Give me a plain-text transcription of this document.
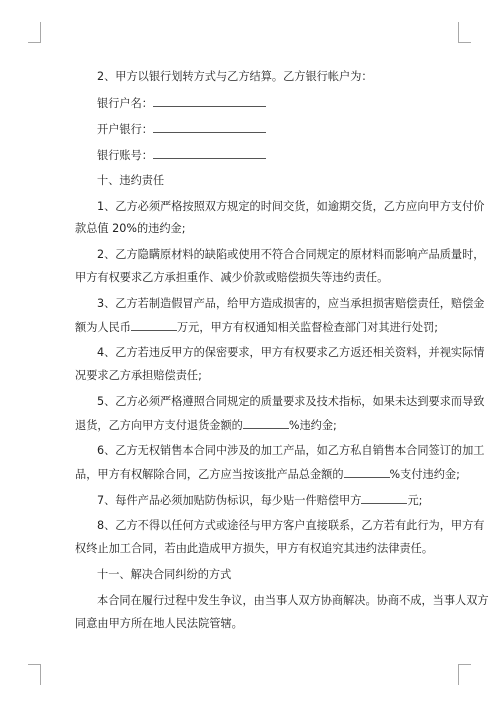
2、甲方以银行划转方式与乙方结算。乙方银行帐户为：
银行户名：
开户银行：
银行账号：
十、违约责任
1、乙方必须严格按照双方规定的时间交货，如逾期交货，乙方应向甲方支付价
款总值 20%的违约金;
2、乙方隐瞒原材料的缺陷或使用不符合合同规定的原材料而影响产品质量时，
甲方有权要求乙方承担重作、减少价款或赔偿损失等违约责任。
3、乙方若制造假冒产品，给甲方造成损害的，应当承担损害赔偿责任，赔偿金
额为人民币	万元，甲方有权通知相关监督检查部门对其进行处罚;
4、乙方若违反甲方的保密要求，甲方有权要求乙方返还相关资料，并视实际情
况要求乙方承担赔偿责任;
5、乙方必须严格遵照合同规定的质量要求及技术指标，如果未达到要求而导致
退货，乙方向甲方支付退货金额的	%违约金;
6、乙方无权销售本合同中涉及的加工产品，如乙方私自销售本合同签订的加工
品，甲方有权解除合同，乙方应当按该批产品总金额的	%支付违约金;
7、每件产品必须加贴防伪标识，每少贴一件赔偿甲方	元;
8、乙方不得以任何方式或途径与甲方客户直接联系，乙方若有此行为，甲方有
权终止加工合同，若由此造成甲方损失，甲方有权追究其违约法律责任。
十一、解决合同纠纷的方式
本合同在履行过程中发生争议，由当事人双方协商解决。协商不成，当事人双方
同意由甲方所在地人民法院管辖。
